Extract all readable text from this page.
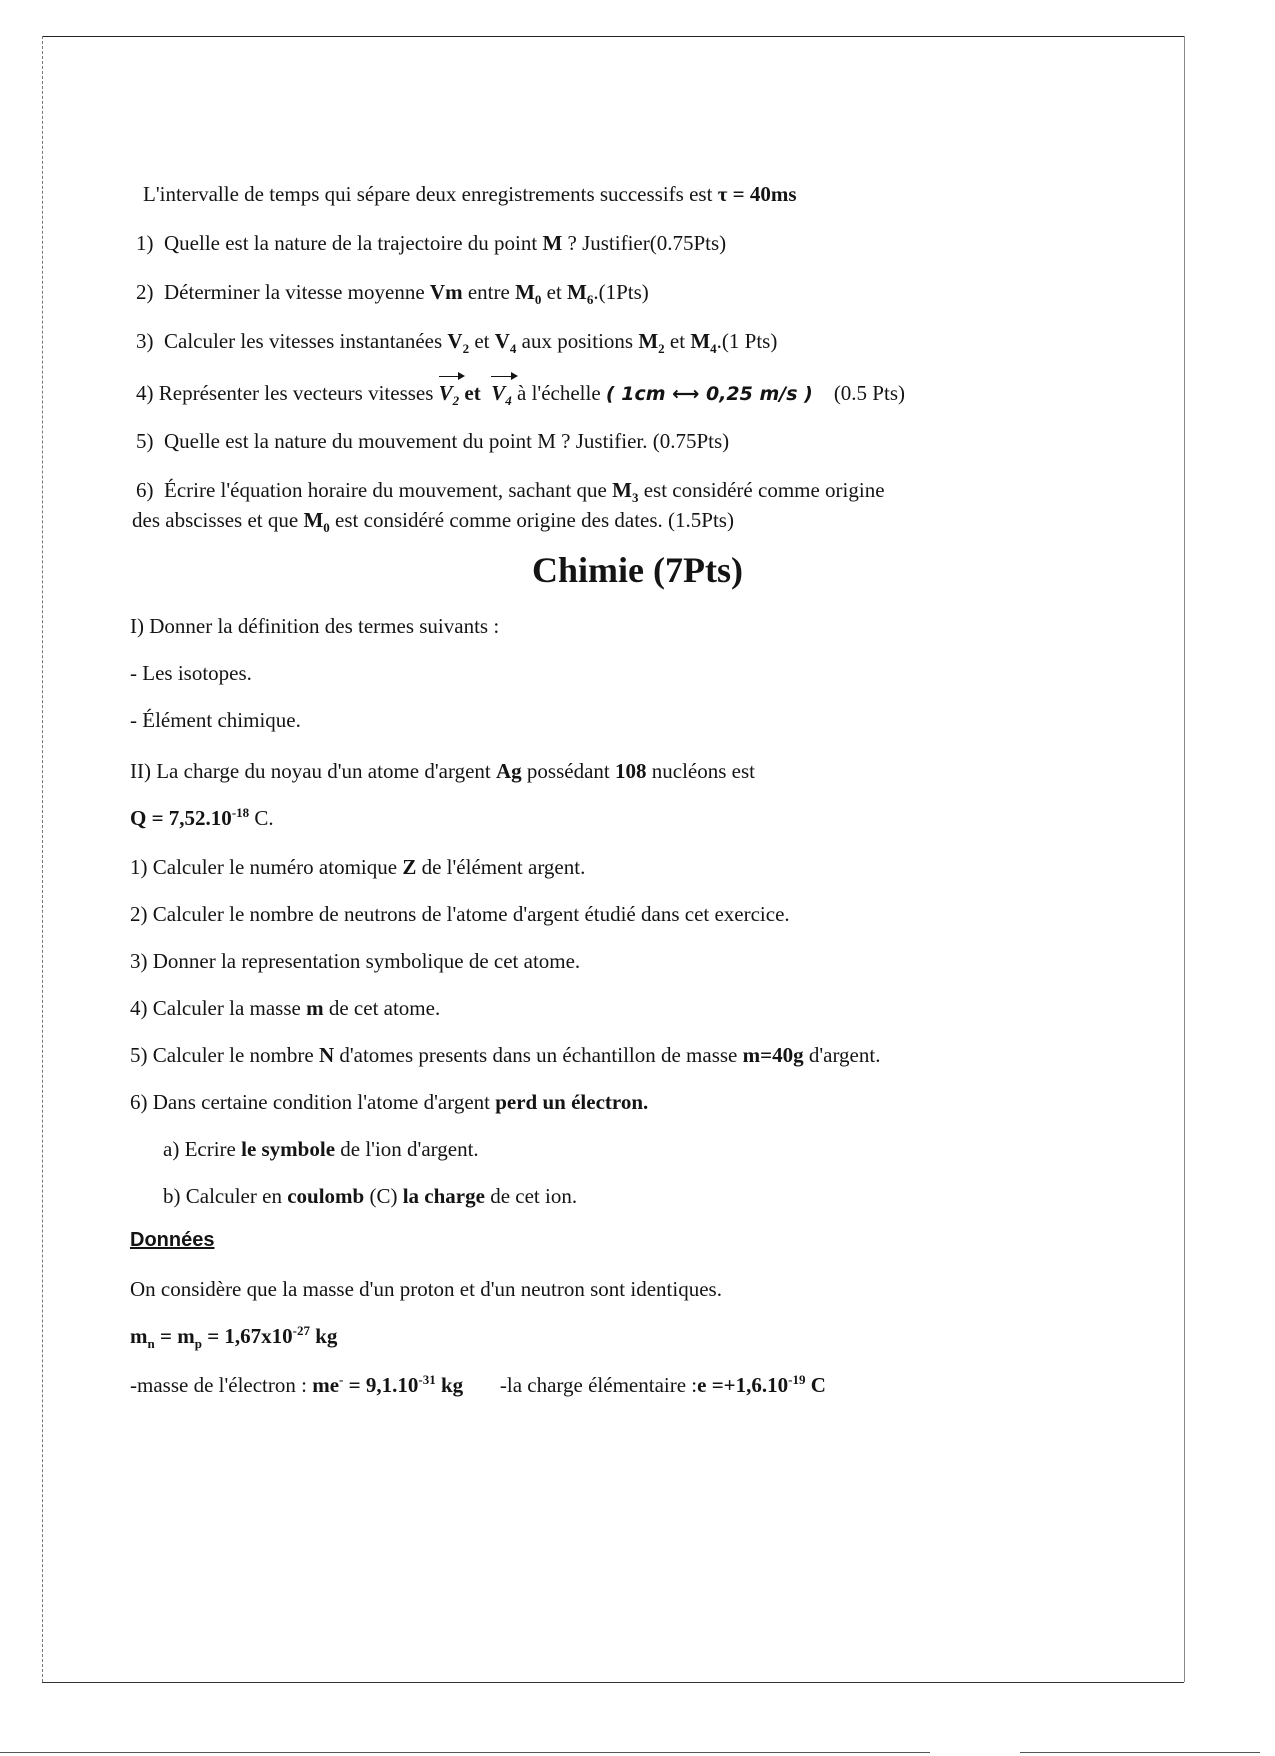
L'intervalle de temps qui sépare deux enregistrements successifs est τ = 40ms
1) Quelle est la nature de la trajectoire du point M ? Justifier(0.75Pts)
2) Déterminer la vitesse moyenne Vm entre $M_0$ et $M_6.(1Pts)$
3) Calculer les vitesses instantanées $V_2$ et $V_4$ aux positions $M_2$ et $M_4.(1$ Pts)
4) Représenter les vecteurs vitesses $V_2$ et  $V_4$ à l'échelle ( 1cm ⟷ 0,25 m/s ) (0.5 Pts)
5) Quelle est la nature du mouvement du point M ? Justifier. (0.75Pts)
6) Écrire l'équation horaire du mouvement, sachant que $M_3$ est considéré comme origine
des abscisses et que $M_0$ est considéré comme origine des dates. (1.5Pts)
Chimie (7Pts)
I) Donner la définition des termes suivants :
- Les isotopes.
- Élément chimique.
II) La charge du noyau d'un atome d'argent Ag possédant 108 nucléons est
$Q = 7,52.10^{-18}$ C.
1) Calculer le numéro atomique Z de l'élément argent.
2) Calculer le nombre de neutrons de l'atome d'argent étudié dans cet exercice.
3) Donner la representation symbolique de cet atome.
4) Calculer la masse m de cet atome.
5) Calculer le nombre N d'atomes presents dans un échantillon de masse m=40g d'argent.
6) Dans certaine condition l'atome d'argent perd un électron.
a) Ecrire le symbole de l'ion d'argent.
b) Calculer en coulomb (C) la charge de cet ion.
Données
On considère que la masse d'un proton et d'un neutron sont identiques.
$m_n = m_p = 1,67x10^{-27}$ kg
-masse de l'électron : $me^- = 9,1.10^{-31}$ kg -la charge élémentaire :e $=+1,6.10^{-19}$ C
